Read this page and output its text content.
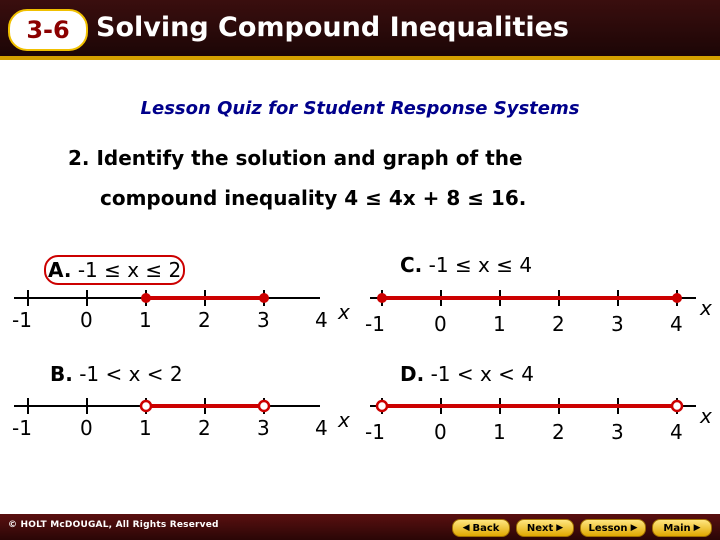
3-6 Solving Compound Inequalities
Lesson Quiz for Student Response Systems
2. Identify the solution and graph of the
compound inequality 4 ≤ 4x + 8 ≤ 16.
A. -1 ≤ x ≤ 2
B. -1 < x < 2
C. -1 ≤ x ≤ 4
D. -1 < x < 4
-1 0 1 2 3 4 x -1 0 1 2 3 4
x
-1 0 1 2 3 4 x -1 0 1 2 3 4
x
© HOLT McDOUGAL, All Rights Reserved	◀ Back	Next ▶	Lesson ▶	Main ▶
